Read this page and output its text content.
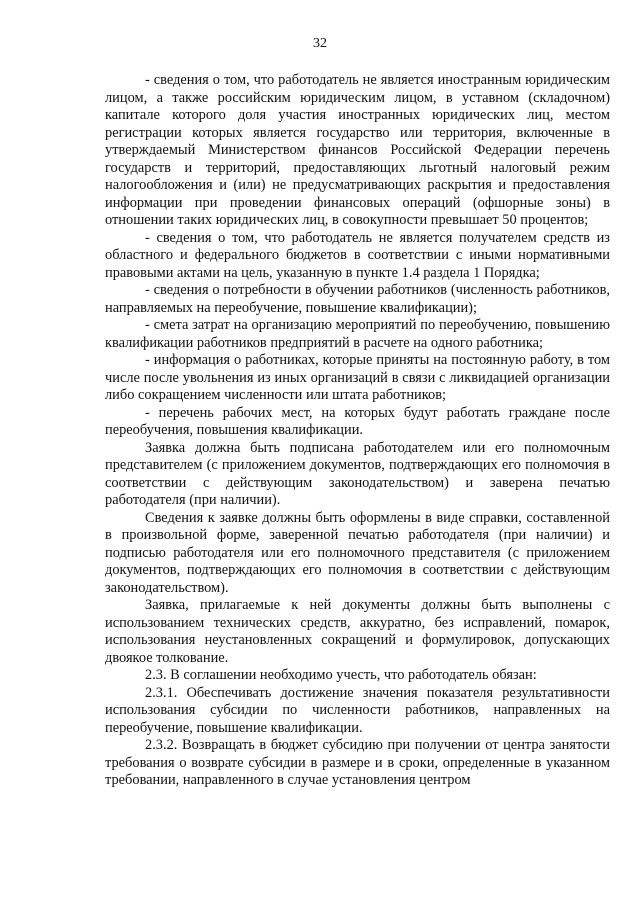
32

- сведения о том, что работодатель не является иностранным юридическим лицом, а также российским юридическим лицом, в уставном (складочном) капитале которого доля участия иностранных юридических лиц, местом регистрации которых является государство или территория, включенные в утверждаемый Министерством финансов Российской Федерации перечень государств и территорий, предоставляющих льготный налоговый режим налогообложения и (или) не предусматривающих раскрытия и предоставления информации при проведении финансовых операций (офшорные зоны) в отношении таких юридических лиц, в совокупности превышает 50 процентов;

- сведения о том, что работодатель не является получателем средств из областного и федерального бюджетов в соответствии с иными нормативными правовыми актами на цель, указанную в пункте 1.4 раздела 1 Порядка;

- сведения о потребности в обучении работников (численность работников, направляемых на переобучение, повышение квалификации);

- смета затрат на организацию мероприятий по переобучению, повышению квалификации работников предприятий в расчете на одного работника;

- информация о работниках, которые приняты на постоянную работу, в том числе после увольнения из иных организаций в связи с ликвидацией организации либо сокращением численности или штата работников;

- перечень рабочих мест, на которых будут работать граждане после переобучения, повышения квалификации.

Заявка должна быть подписана работодателем или его полномочным представителем (с приложением документов, подтверждающих его полномочия в соответствии с действующим законодательством) и заверена печатью работодателя (при наличии).

Сведения к заявке должны быть оформлены в виде справки, составленной в произвольной форме, заверенной печатью работодателя (при наличии) и подписью работодателя или его полномочного представителя (с приложением документов, подтверждающих его полномочия в соответствии с действующим законодательством).

Заявка, прилагаемые к ней документы должны быть выполнены с использованием технических средств, аккуратно, без исправлений, помарок, использования неустановленных сокращений и формулировок, допускающих двоякое толкование.

2.3. В соглашении необходимо учесть, что работодатель обязан:

2.3.1. Обеспечивать достижение значения показателя результативности использования субсидии по численности работников, направленных на переобучение, повышение квалификации.

2.3.2. Возвращать в бюджет субсидию при получении от центра занятости требования о возврате субсидии в размере и в сроки, определенные в указанном требовании, направленного в случае установления центром
